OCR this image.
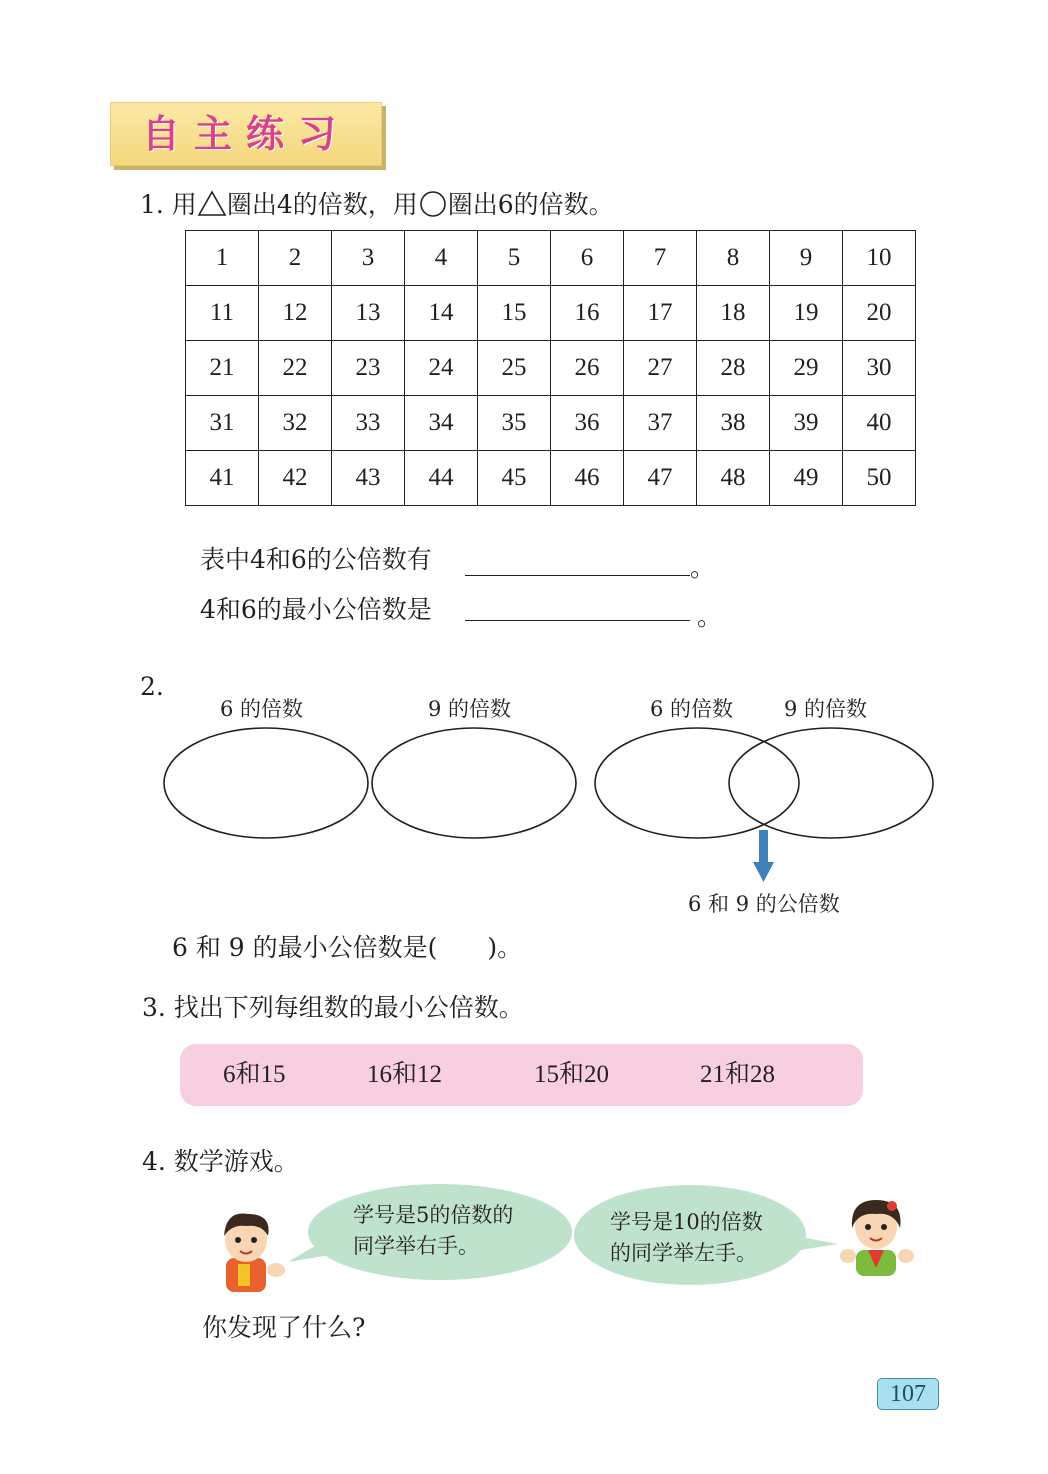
自主练习
1. 用 圈出4的倍数，用 圈出6的倍数。
1	2	3	4	5	6	7	8	9	10
11	12	13	14	15	16	17	18	19	20
21	22	23	24	25	26	27	28	29	30
31	32	33	34	35	36	37	38	39	40
41	42	43	44	45	46	47	48	49	50
表中4和6的公倍数有	。
4和6的最小公倍数是	。
2.
6 的倍数	9 的倍数	6 的倍数 9 的倍数
6 和 9 的公倍数
6 和 9 的最小公倍数是(　　)。
3. 找出下列每组数的最小公倍数。
6和15	16和12	15和20	21和28
4. 数学游戏。
学号是5的倍数的
同学举右手。
学号是10的倍数
的同学举左手。
你发现了什么?
107
